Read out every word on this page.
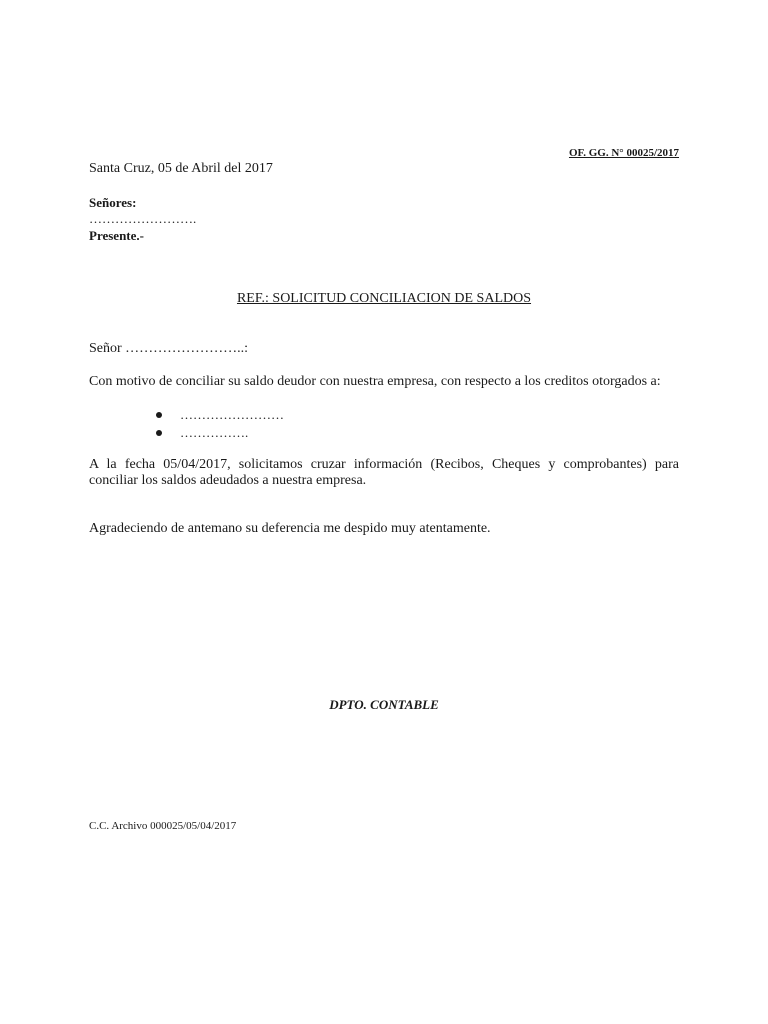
OF. GG. N° 00025/2017

Santa Cruz, 05 de Abril del 2017

Señores:

…………………….

Presente.-

REF.: SOLICITUD CONCILIACION DE SALDOS

Señor ……………………..:

Con motivo de conciliar su saldo deudor con nuestra empresa, con respecto a los creditos otorgados a:

……………………
…………….

A la fecha 05/04/2017, solicitamos cruzar información (Recibos, Cheques y comprobantes) para conciliar los saldos adeudados a nuestra empresa.

Agradeciendo de antemano su deferencia me despido muy atentamente.

DPTO. CONTABLE

C.C. Archivo 000025/05/04/2017
